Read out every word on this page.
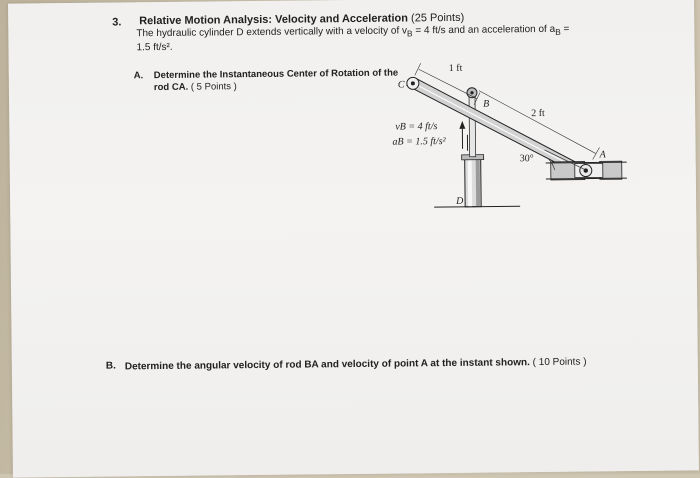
3. Relative Motion Analysis: Velocity and Acceleration (25 Points)
The hydraulic cylinder D extends vertically with a velocity of $v_B = 4$ ft/s and an acceleration of $a_B$ =
1.5 ft/s².
A. Determine the Instantaneous Center of Rotation of the rod CA. ( 5 Points )	C
B
A
30°
1 ft
2 ft
vB = 4 ft/s
aB = 1.5 ft/s²
D
B. Determine the angular velocity of rod BA and velocity of point A at the instant shown. ( 10 Points )
